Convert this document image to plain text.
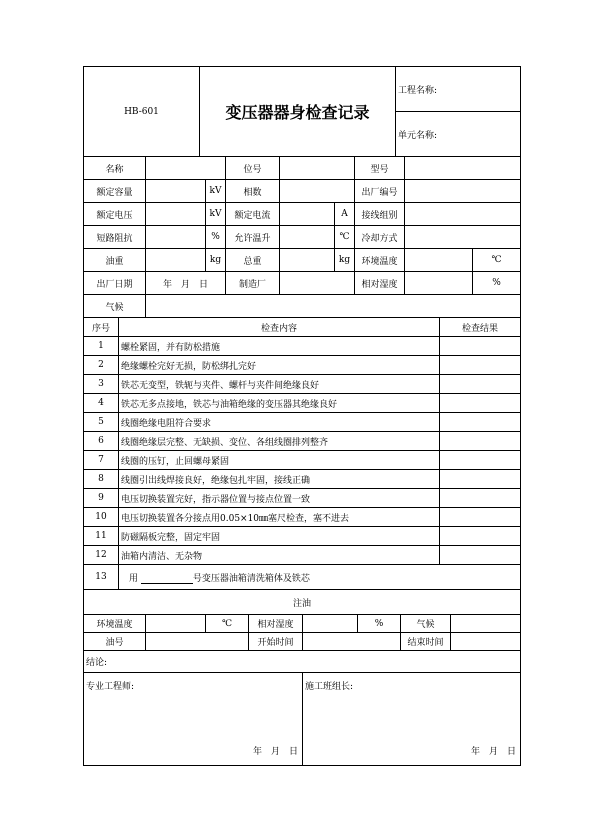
HB-601	变压器器身检查记录	工程名称:
单元名称:
名称			位号			型号		
额定容量		kV	相数			出厂编号		
额定电压		kV	额定电流		A	接线组别		
短路阻抗		%	允许温升		℃	冷却方式		
油重		kg	总重		kg	环境温度		℃
出厂日期	年　月　日		制造厂			相对湿度		%
气候								
序号	检查内容	检查结果
1	螺栓紧固，并有防松措施	
2	绝缘螺栓完好无损，防松绑扎完好	
3	铁芯无变型，铁轭与夹件、螺杆与夹件间绝缘良好	
4	铁芯无多点接地，铁芯与油箱绝缘的变压器其绝缘良好	
5	线圈绝缘电阻符合要求	
6	线圈绝缘层完整、无缺损、变位、各组线圈排列整齐	
7	线圈的压钉，止回螺母紧固	
8	线圈引出线焊接良好，绝缘包扎牢固，接线正确	
9	电压切换装置完好，指示器位置与接点位置一致	
10	电压切换装置各分接点用0.05×10㎜塞尺检查，塞不进去	
11	防磁隔板完整，固定牢固	
12	油箱内清洁、无杂物	
13	用 号变压器油箱清洗箱体及铁芯	
注油							
环境温度		℃	相对湿度		%	气候	
油号			开始时间			结束时间	
结论:							
专业工程师:
年　月　日
	施工班组长:
年　月　日
